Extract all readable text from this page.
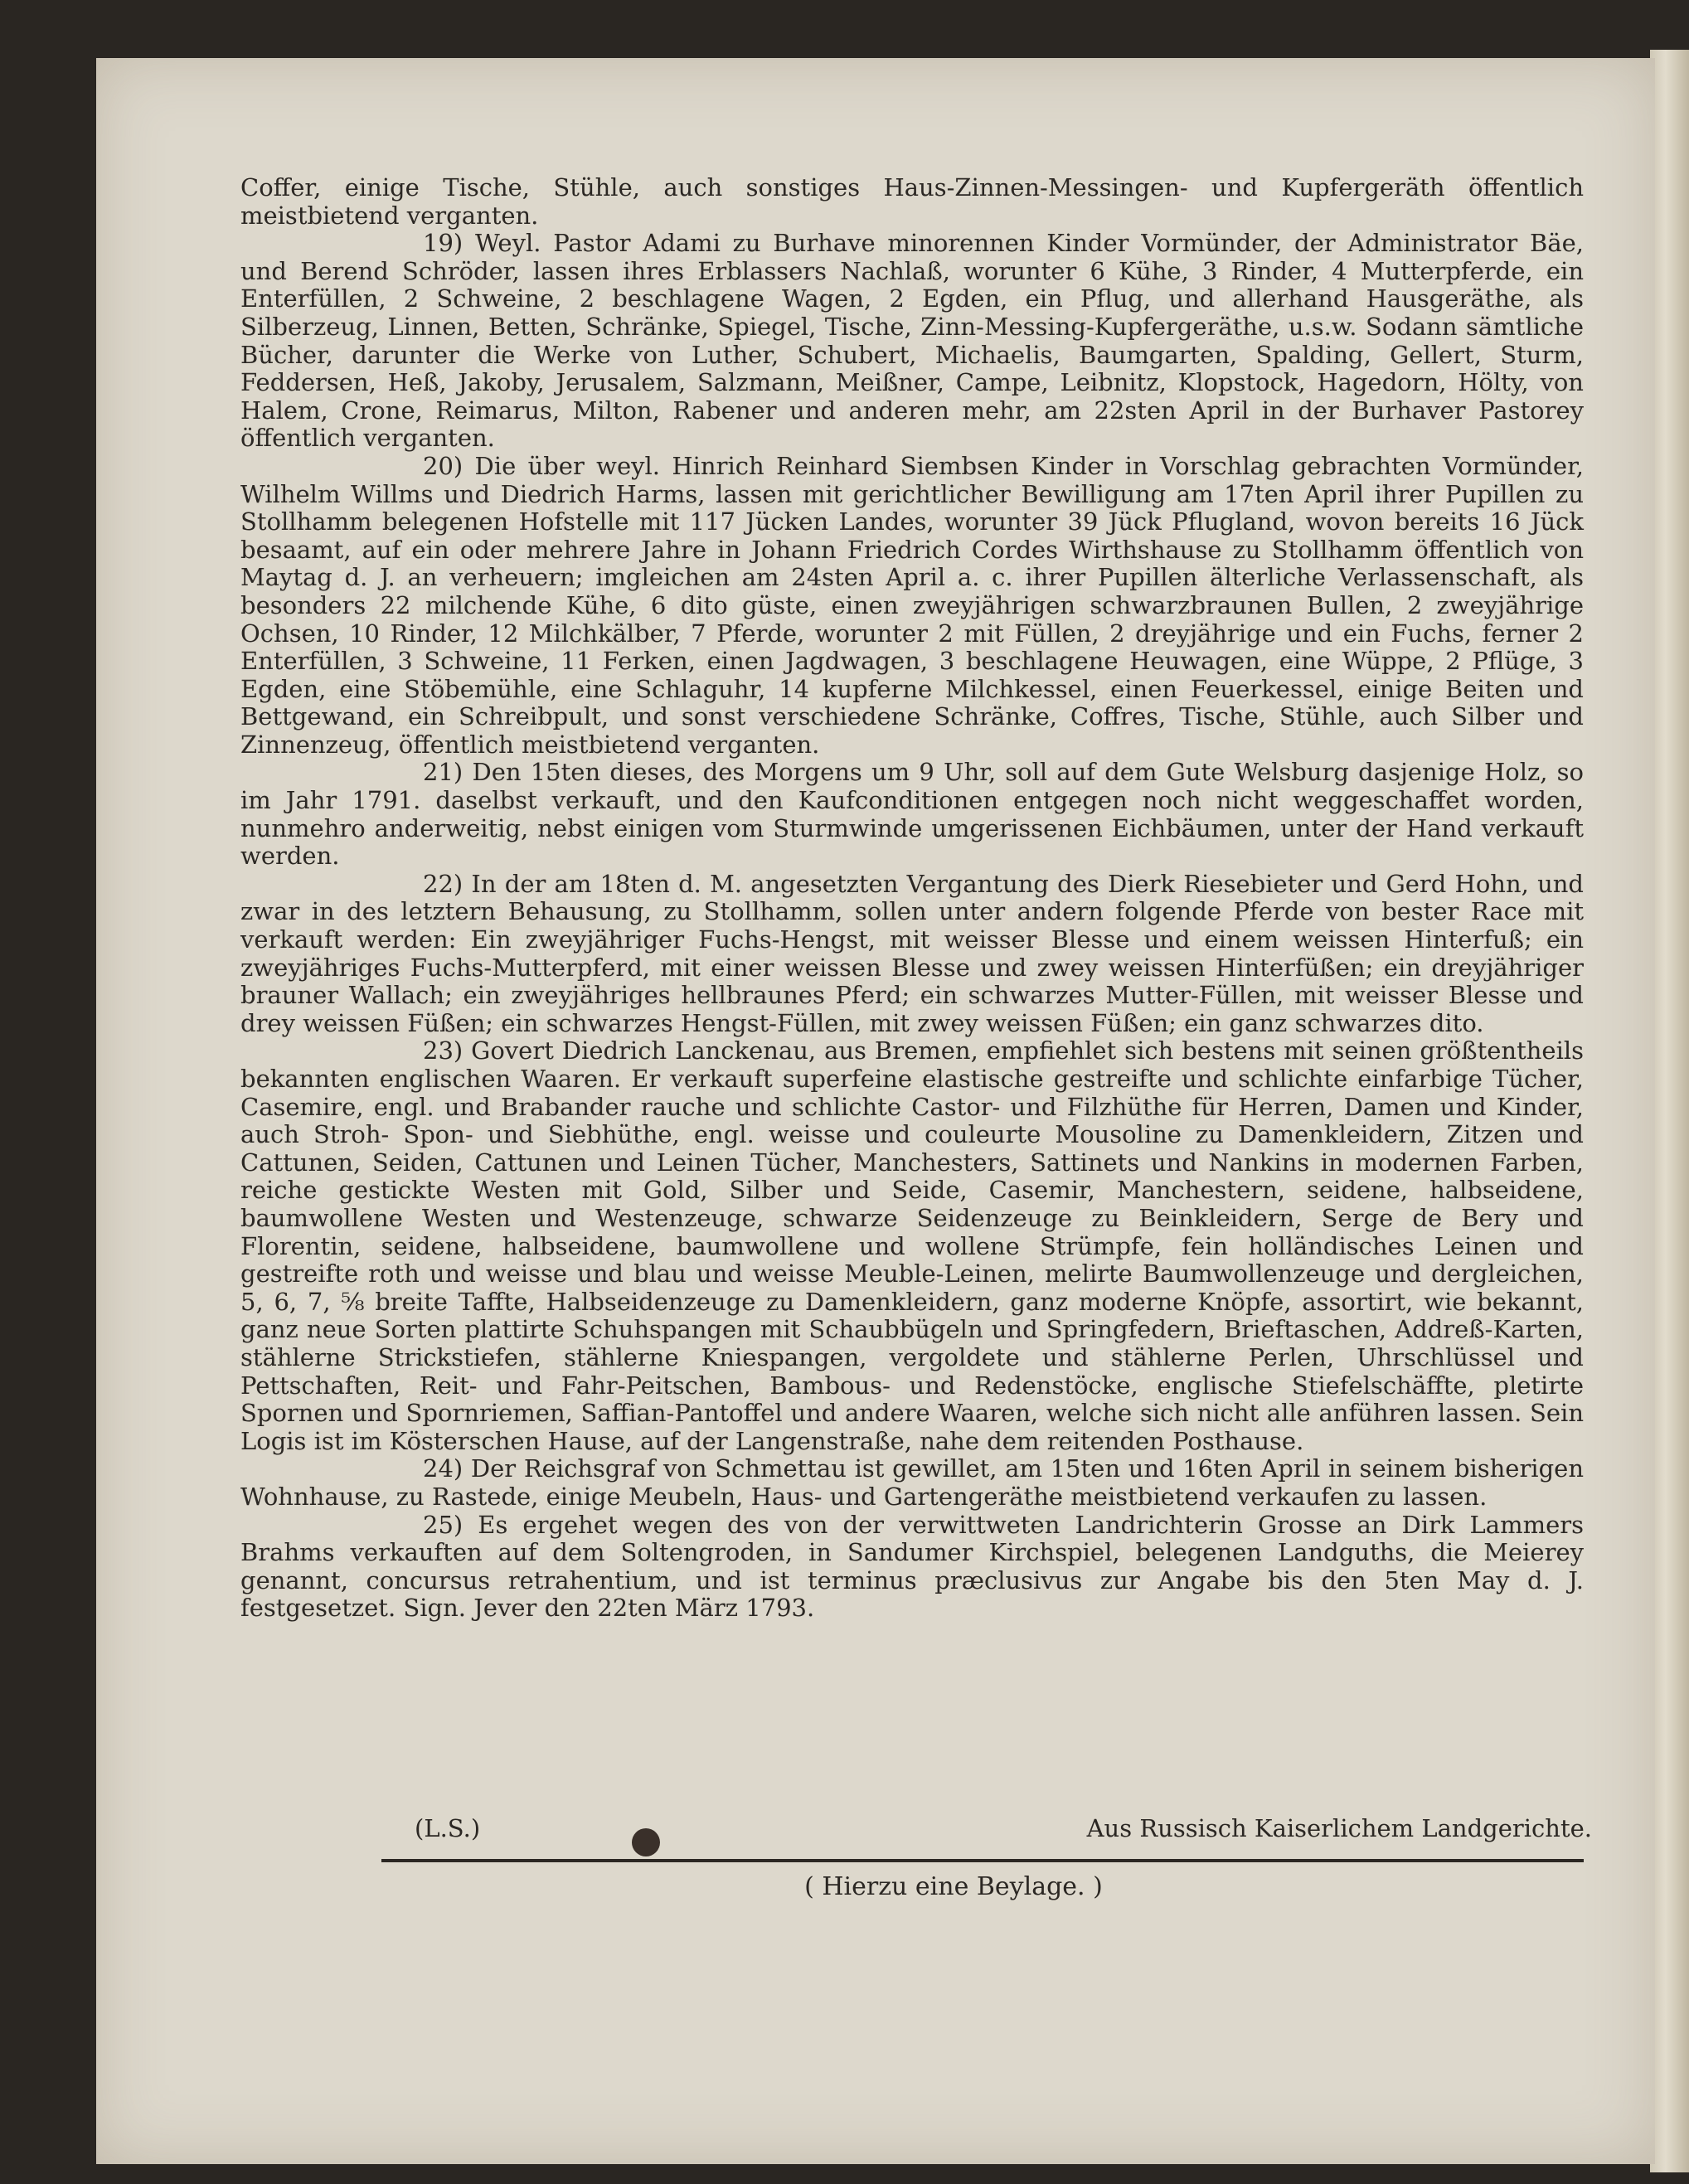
Coffer, einige Tische, Stühle, auch sonstiges Haus-Zinnen-Messingen- und Kupfergeräth öffentlich meistbietend verganten.

19) Weyl. Pastor Adami zu Burhave minorennen Kinder Vormünder, der Administrator Bäe, und Berend Schröder, lassen ihres Erblassers Nachlaß, worunter 6 Kühe, 3 Rinder, 4 Mutterpferde, ein Enterfüllen, 2 Schweine, 2 beschlagene Wagen, 2 Egden, ein Pflug, und allerhand Hausgeräthe, als Silberzeug, Linnen, Betten, Schränke, Spiegel, Tische, Zinn-Messing-Kupfergeräthe, u.s.w. Sodann sämtliche Bücher, darunter die Werke von Luther, Schubert, Michaelis, Baumgarten, Spalding, Gellert, Sturm, Feddersen, Heß, Jakoby, Jerusalem, Salzmann, Meißner, Campe, Leibnitz, Klopstock, Hagedorn, Hölty, von Halem, Crone, Reimarus, Milton, Rabener und anderen mehr, am 22sten April in der Burhaver Pastorey öffentlich verganten.

20) Die über weyl. Hinrich Reinhard Siembsen Kinder in Vorschlag gebrachten Vormünder, Wilhelm Willms und Diedrich Harms, lassen mit gerichtlicher Bewilligung am 17ten April ihrer Pupillen zu Stollhamm belegenen Hofstelle mit 117 Jücken Landes, worunter 39 Jück Pflugland, wovon bereits 16 Jück besaamt, auf ein oder mehrere Jahre in Johann Friedrich Cordes Wirthshause zu Stollhamm öffentlich von Maytag d. J. an verheuern; imgleichen am 24sten April a. c. ihrer Pupillen älterliche Verlassenschaft, als besonders 22 milchende Kühe, 6 dito güste, einen zweyjährigen schwarzbraunen Bullen, 2 zweyjährige Ochsen, 10 Rinder, 12 Milchkälber, 7 Pferde, worunter 2 mit Füllen, 2 dreyjährige und ein Fuchs, ferner 2 Enterfüllen, 3 Schweine, 11 Ferken, einen Jagdwagen, 3 beschlagene Heuwagen, eine Wüppe, 2 Pflüge, 3 Egden, eine Stöbemühle, eine Schlaguhr, 14 kupferne Milchkessel, einen Feuerkessel, einige Beiten und Bettgewand, ein Schreibpult, und sonst verschiedene Schränke, Coffres, Tische, Stühle, auch Silber und Zinnenzeug, öffentlich meistbietend verganten.

21) Den 15ten dieses, des Morgens um 9 Uhr, soll auf dem Gute Welsburg dasjenige Holz, so im Jahr 1791. daselbst verkauft, und den Kaufconditionen entgegen noch nicht weggeschaffet worden, nunmehro anderweitig, nebst einigen vom Sturmwinde umgerissenen Eichbäumen, unter der Hand verkauft werden.

22) In der am 18ten d. M. angesetzten Vergantung des Dierk Riesebieter und Gerd Hohn, und zwar in des letztern Behausung, zu Stollhamm, sollen unter andern folgende Pferde von bester Race mit verkauft werden: Ein zweyjähriger Fuchs-Hengst, mit weisser Blesse und einem weissen Hinterfuß; ein zweyjähriges Fuchs-Mutterpferd, mit einer weissen Blesse und zwey weissen Hinterfüßen; ein dreyjähriger brauner Wallach; ein zweyjähriges hellbraunes Pferd; ein schwarzes Mutter-Füllen, mit weisser Blesse und drey weissen Füßen; ein schwarzes Hengst-Füllen, mit zwey weissen Füßen; ein ganz schwarzes dito.

23) Govert Diedrich Lanckenau, aus Bremen, empfiehlet sich bestens mit seinen größtentheils bekannten englischen Waaren. Er verkauft superfeine elastische gestreifte und schlichte einfarbige Tücher, Casemire, engl. und Brabander rauche und schlichte Castor- und Filzhüthe für Herren, Damen und Kinder, auch Stroh- Spon- und Siebhüthe, engl. weisse und couleurte Mousoline zu Damenkleidern, Zitzen und Cattunen, Seiden, Cattunen und Leinen Tücher, Manchesters, Sattinets und Nankins in modernen Farben, reiche gestickte Westen mit Gold, Silber und Seide, Casemir, Manchestern, seidene, halbseidene, baumwollene Westen und Westenzeuge, schwarze Seidenzeuge zu Beinkleidern, Serge de Bery und Florentin, seidene, halbseidene, baumwollene und wollene Strümpfe, fein holländisches Leinen und gestreifte roth und weisse und blau und weisse Meuble-Leinen, melirte Baumwollenzeuge und dergleichen, 5, 6, 7, ⅝ breite Taffte, Halbseidenzeuge zu Damenkleidern, ganz moderne Knöpfe, assortirt, wie bekannt, ganz neue Sorten plattirte Schuhspangen mit Schaubbügeln und Springfedern, Brieftaschen, Addreß-Karten, stählerne Strickstiefen, stählerne Kniespangen, vergoldete und stählerne Perlen, Uhrschlüssel und Pettschaften, Reit- und Fahr-Peitschen, Bambous- und Redenstöcke, englische Stiefelschäffte, pletirte Spornen und Spornriemen, Saffian-Pantoffel und andere Waaren, welche sich nicht alle anführen lassen. Sein Logis ist im Kösterschen Hause, auf der Langenstraße, nahe dem reitenden Posthause.

24) Der Reichsgraf von Schmettau ist gewillet, am 15ten und 16ten April in seinem bisherigen Wohnhause, zu Rastede, einige Meubeln, Haus- und Gartengeräthe meistbietend verkaufen zu lassen.

25) Es ergehet wegen des von der verwittweten Landrichterin Grosse an Dirk Lammers Brahms verkauften auf dem Soltengroden, in Sandumer Kirchspiel, belegenen Landguths, die Meierey genannt, concursus retrahentium, und ist terminus præclusivus zur Angabe bis den 5ten May d. J. festgesetzet. Sign. Jever den 22ten März 1793.

(L.S.)	Aus Russisch Kaiserlichem Landgerichte.
( Hierzu eine Beylage. )
